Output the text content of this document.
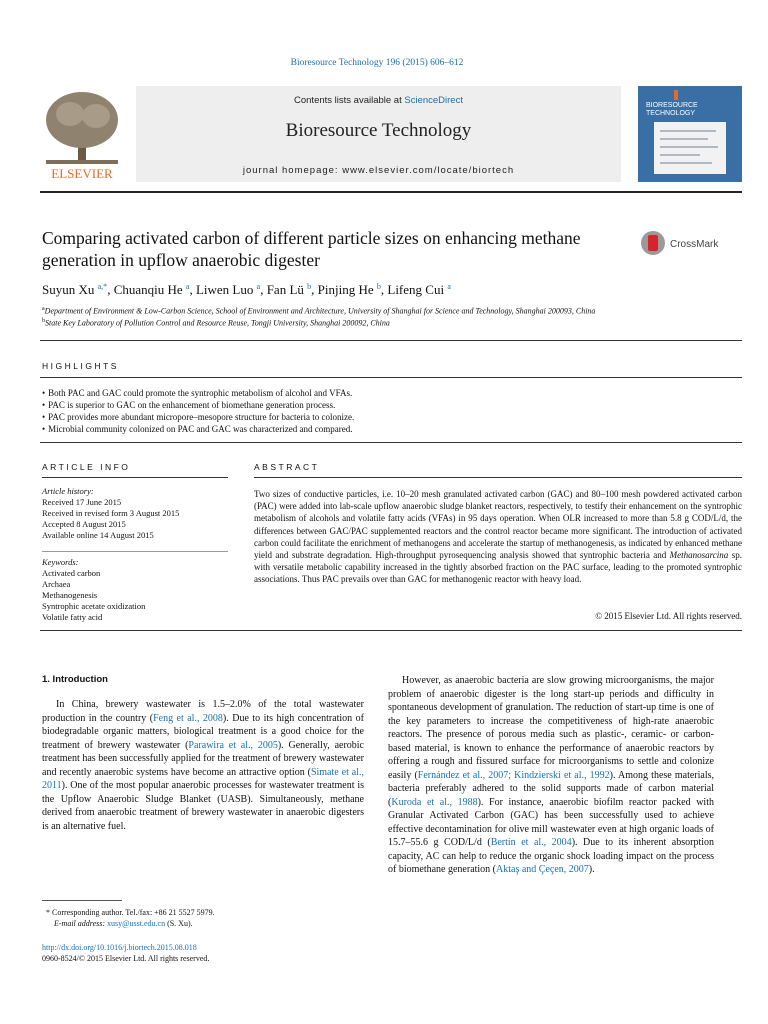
Bioresource Technology 196 (2015) 606–612
ELSEVIER
Contents lists available at ScienceDirect
Bioresource Technology
journal homepage: www.elsevier.com/locate/biortech
BIORESOURCE TECHNOLOGY
Comparing activated carbon of different particle sizes on enhancing methane generation in upflow anaerobic digester
CrossMark
Suyun Xu $^{a,*}$, Chuanqiu He $^a$, Liwen Luo $^a$, Fan Lü $^b$, Pinjing He $^b$, Lifeng Cui $^a$
$^a$Department of Environment & Low-Carbon Science, School of Environment and Architecture, University of Shanghai for Science and Technology, Shanghai 200093, China
$^b$State Key Laboratory of Pollution Control and Resource Reuse, Tongji University, Shanghai 200092, China
HIGHLIGHTS
• Both PAC and GAC could promote the syntrophic metabolism of alcohol and VFAs.
• PAC is superior to GAC on the enhancement of biomethane generation process.
• PAC provides more abundant micropore–mesopore structure for bacteria to colonize.
• Microbial community colonized on PAC and GAC was characterized and compared.
ARTICLE INFO
Article history:
Received 17 June 2015
Received in revised form 3 August 2015
Accepted 8 August 2015
Available online 14 August 2015
Keywords:
Activated carbon
Archaea
Methanogenesis
Syntrophic acetate oxidization
Volatile fatty acid
ABSTRACT
Two sizes of conductive particles, i.e. 10–20 mesh granulated activated carbon (GAC) and 80–100 mesh powdered activated carbon (PAC) were added into lab-scale upflow anaerobic sludge blanket reactors, respectively, to testify their enhancement on the syntrophic metabolism of alcohols and volatile fatty acids (VFAs) in 95 days operation. When OLR increased to more than 5.8 g COD/L/d, the differences between GAC/PAC supplemented reactors and the control reactor became more significant. The introduction of activated carbon could facilitate the enrichment of methanogens and accelerate the startup of methanogenesis, as indicated by enhanced methane yield and substrate degradation. High-throughput pyrosequencing analysis showed that syntrophic bacteria and Methanosarcina sp. with versatile metabolic capability increased in the tightly absorbed fraction on the PAC surface, leading to the promoted syntrophic associations. Thus PAC prevails over than GAC for methanogenic reactor with heavy load.
© 2015 Elsevier Ltd. All rights reserved.
1. Introduction

In China, brewery wastewater is 1.5–2.0% of the total wastewater production in the country (Feng et al., 2008). Due to its high concentration of biodegradable organic matters, biological treatment is a good choice for the treatment of brewery wastewater (Parawira et al., 2005). Generally, aerobic treatment has been successfully applied for the treatment of brewery wastewater and recently anaerobic systems have become an attractive option (Simate et al., 2011). One of the most popular anaerobic processes for wastewater treatment is the Upflow Anaerobic Sludge Blanket (UASB). Simultaneously, methane derived from anaerobic treatment of brewery wastewater in anaerobic digesters is an alternative fuel.

However, as anaerobic bacteria are slow growing microorganisms, the major problem of anaerobic digester is the long start-up periods and difficulty in spontaneous development of granulation. The reduction of start-up time is one of the key parameters to increase the competitiveness of high-rate anaerobic reactors. The presence of porous media such as plastic-, ceramic- or carbon-based material, is known to enhance the performance of anaerobic reactors by offering a rough and fissured surface for microorganisms to settle and colonize easily (Fernández et al., 2007; Kindzierski et al., 1992). Among these materials, bacteria preferably adhered to the solid supports made of carbon material (Kuroda et al., 1988). For instance, anaerobic biofilm reactor packed with Granular Activated Carbon (GAC) has been successfully used to achieve effective decontamination for olive mill wastewater even at high organic loads of 15.7–55.6 g COD/L/d (Bertin et al., 2004). Due to its inherent absorption capacity, AC can help to reduce the organic shock loading impact on the process of biomethane generation (Aktaş and Çeçen, 2007).

* Corresponding author. Tel./fax: +86 21 5527 5979.
E-mail address: xusy@usst.edu.cn (S. Xu).
http://dx.doi.org/10.1016/j.biortech.2015.08.018
0960-8524/© 2015 Elsevier Ltd. All rights reserved.
